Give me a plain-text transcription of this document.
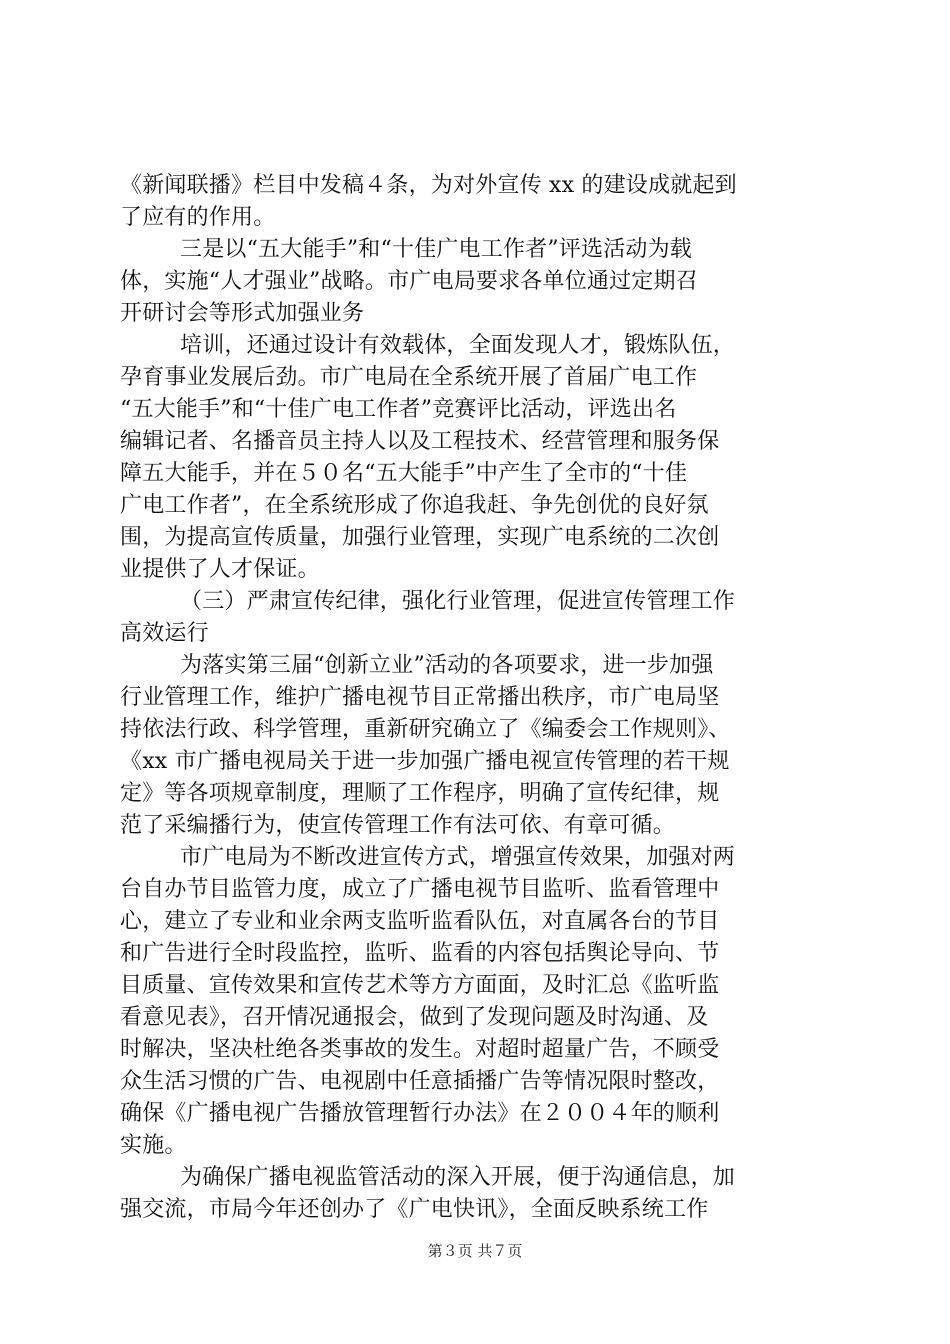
《新闻联播》栏目中发稿４条，为对外宣传 xx 的建设成就起到
了应有的作用。
三是以“五大能手”和“十佳广电工作者”评选活动为载
体，实施“人才强业”战略。市广电局要求各单位通过定期召
开研讨会等形式加强业务
培训，还通过设计有效载体，全面发现人才，锻炼队伍，
孕育事业发展后劲。市广电局在全系统开展了首届广电工作
“五大能手”和“十佳广电工作者”竞赛评比活动，评选出名
编辑记者、名播音员主持人以及工程技术、经营管理和服务保
障五大能手，并在５０名“五大能手”中产生了全市的“十佳
广电工作者”，在全系统形成了你追我赶、争先创优的良好氛
围，为提高宣传质量，加强行业管理，实现广电系统的二次创
业提供了人才保证。
（三）严肃宣传纪律，强化行业管理，促进宣传管理工作
高效运行
为落实第三届“创新立业”活动的各项要求，进一步加强
行业管理工作，维护广播电视节目正常播出秩序，市广电局坚
持依法行政、科学管理，重新研究确立了《编委会工作规则》、
《xx 市广播电视局关于进一步加强广播电视宣传管理的若干规
定》等各项规章制度，理顺了工作程序，明确了宣传纪律，规
范了采编播行为，使宣传管理工作有法可依、有章可循。
市广电局为不断改进宣传方式，增强宣传效果，加强对两
台自办节目监管力度，成立了广播电视节目监听、监看管理中
心，建立了专业和业余两支监听监看队伍，对直属各台的节目
和广告进行全时段监控，监听、监看的内容包括舆论导向、节
目质量、宣传效果和宣传艺术等方方面面，及时汇总《监听监
看意见表》，召开情况通报会，做到了发现问题及时沟通、及
时解决，坚决杜绝各类事故的发生。对超时超量广告，不顾受
众生活习惯的广告、电视剧中任意插播广告等情况限时整改，
确保《广播电视广告播放管理暂行办法》在２００４年的顺利
实施。
为确保广播电视监管活动的深入开展，便于沟通信息，加
强交流，市局今年还创办了《广电快讯》，全面反映系统工作
第３页 共７页
